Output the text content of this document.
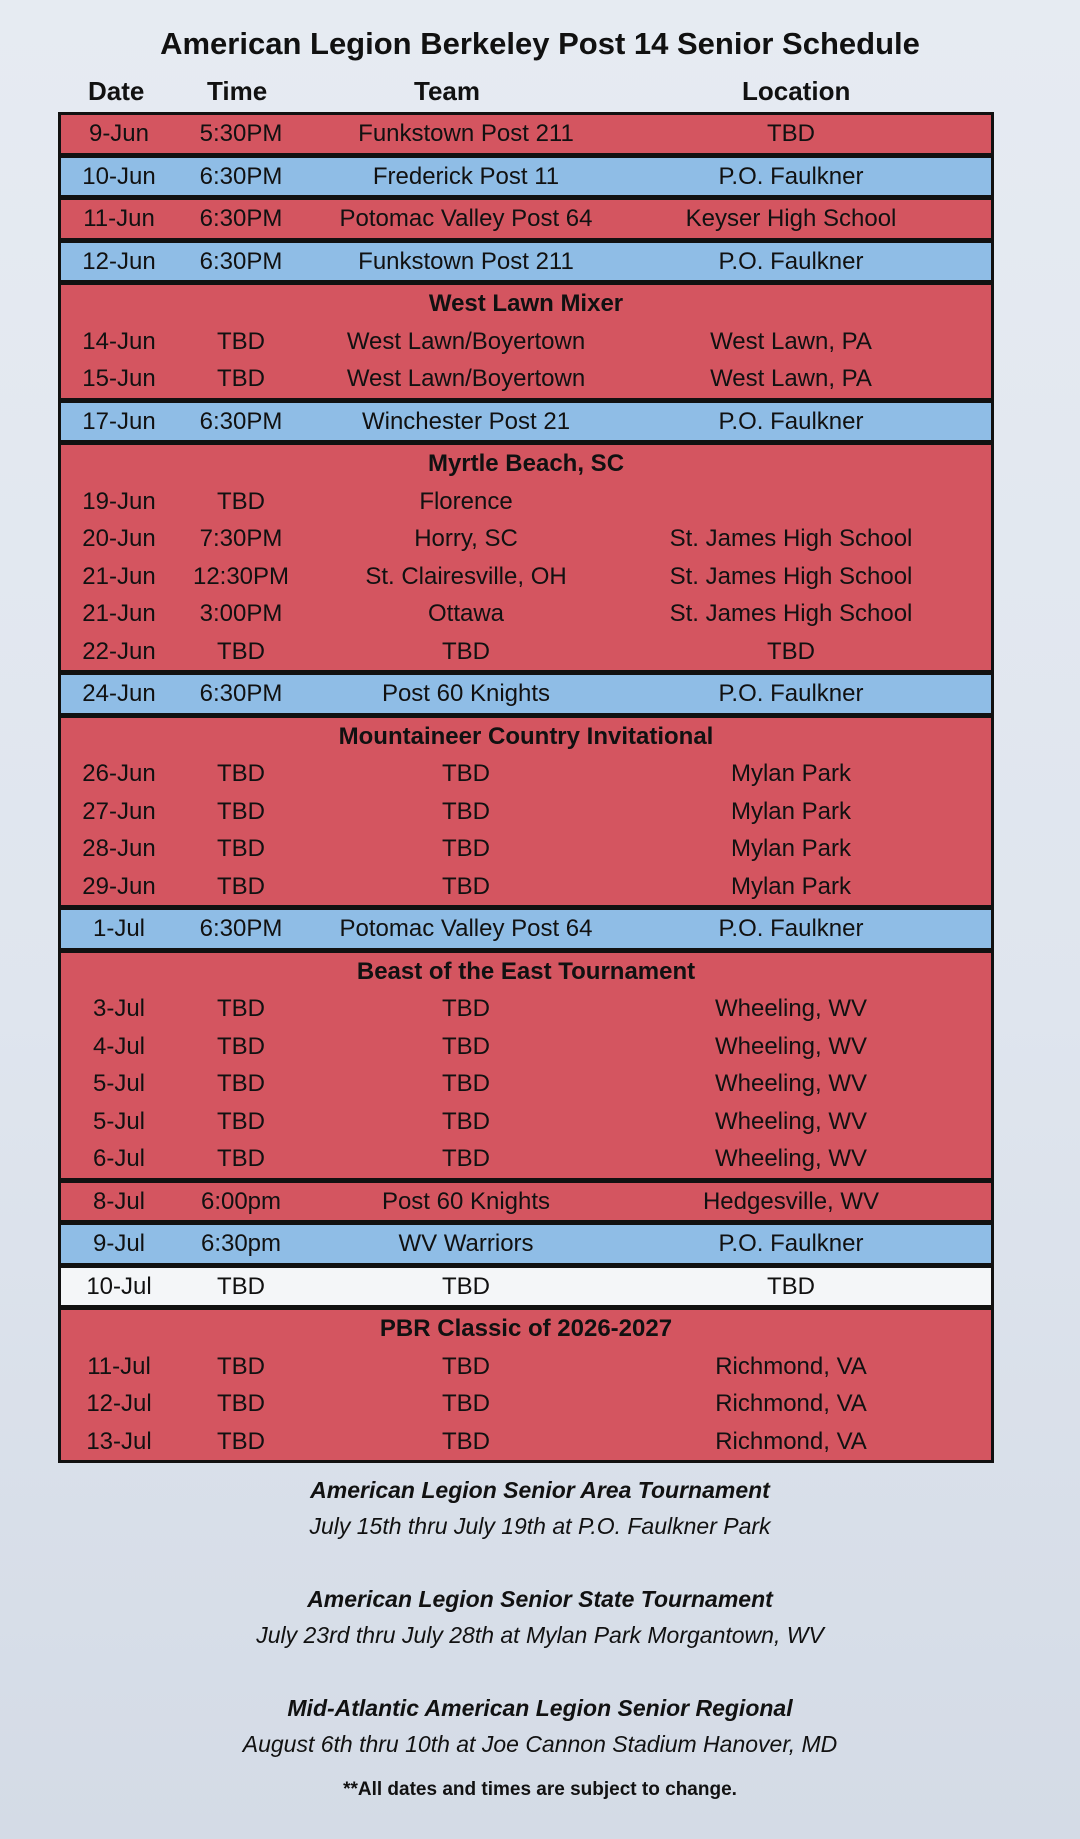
American Legion Berkeley Post 14 Senior Schedule
Date Time	Team	Location
9-Jun	5:30PM	Funkstown Post 211	TBD
10-Jun	6:30PM	Frederick Post 11	P.O. Faulkner
11-Jun	6:30PM	Potomac Valley Post 64	Keyser High School
12-Jun	6:30PM	Funkstown Post 211	P.O. Faulkner
West Lawn Mixer
14-Jun	TBD	West Lawn/Boyertown	West Lawn, PA
15-Jun	TBD	West Lawn/Boyertown	West Lawn, PA
17-Jun	6:30PM	Winchester Post 21	P.O. Faulkner
Myrtle Beach, SC
19-Jun	TBD	Florence
20-Jun	7:30PM	Horry, SC	St. James High School
21-Jun	12:30PM	St. Clairesville, OH	St. James High School
21-Jun	3:00PM	Ottawa	St. James High School
22-Jun	TBD	TBD	TBD
24-Jun	6:30PM	Post 60 Knights	P.O. Faulkner
Mountaineer Country Invitational
26-Jun	TBD	TBD	Mylan Park
27-Jun	TBD	TBD	Mylan Park
28-Jun	TBD	TBD	Mylan Park
29-Jun	TBD	TBD	Mylan Park
1-Jul	6:30PM	Potomac Valley Post 64	P.O. Faulkner
Beast of the East Tournament
3-Jul	TBD	TBD	Wheeling, WV
4-Jul	TBD	TBD	Wheeling, WV
5-Jul	TBD	TBD	Wheeling, WV
5-Jul	TBD	TBD	Wheeling, WV
6-Jul	TBD	TBD	Wheeling, WV
8-Jul	6:00pm	Post 60 Knights	Hedgesville, WV
9-Jul	6:30pm	WV Warriors	P.O. Faulkner
10-Jul	TBD	TBD	TBD
PBR Classic of 2026-2027
11-Jul	TBD	TBD	Richmond, VA
12-Jul	TBD	TBD	Richmond, VA
13-Jul	TBD	TBD	Richmond, VA
American Legion Senior Area Tournament
July 15th thru July 19th at P.O. Faulkner Park
American Legion Senior State Tournament
July 23rd thru July 28th at Mylan Park Morgantown, WV
Mid-Atlantic American Legion Senior Regional
August 6th thru 10th at Joe Cannon Stadium Hanover, MD
**All dates and times are subject to change.
